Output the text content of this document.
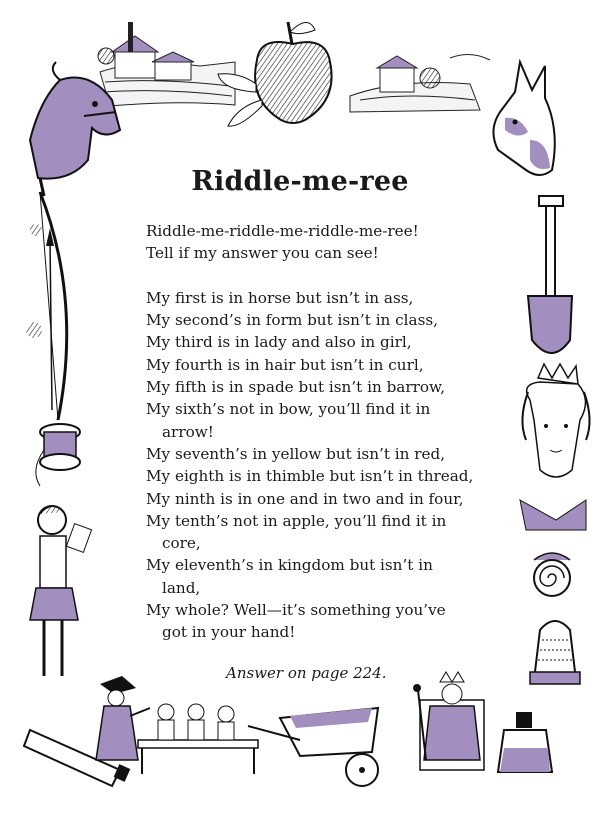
Riddle-me-ree
Riddle-me-riddle-me-riddle-me-ree!
Tell if my answer you can see!
My first is in horse but isn’t in ass,
My second’s in form but isn’t in class,
My third is in lady and also in girl,
My fourth is in hair but isn’t in curl,
My fifth is in spade but isn’t in barrow,
My sixth’s not in bow, you’ll find it in
arrow!
My seventh’s in yellow but isn’t in red,
My eighth is in thimble but isn’t in thread,
My ninth is in one and in two and in four,
My tenth’s not in apple, you’ll find it in
core,
My eleventh’s in kingdom but isn’t in
land,
My whole? Well—it’s something you’ve
got in your hand!
Answer on page 224.
